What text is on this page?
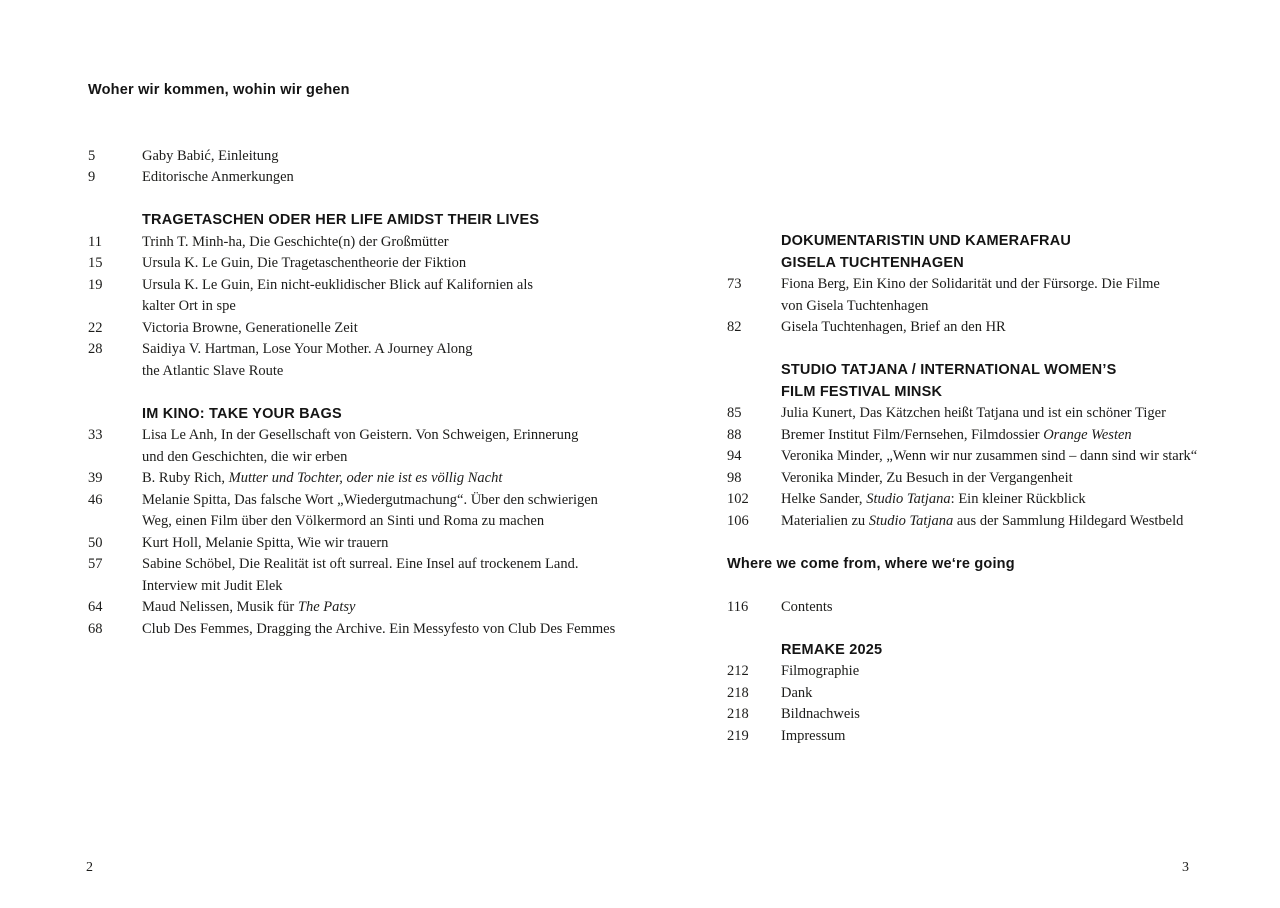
Woher wir kommen, wohin wir gehen
5	Gaby Babić, Einleitung
9	Editorische Anmerkungen
TRAGETASCHEN ODER HER LIFE AMIDST THEIR LIVES
11	Trinh T. Minh-ha, Die Geschichte(n) der Großmütter
15	Ursula K. Le Guin, Die Tragetaschentheorie der Fiktion
19	Ursula K. Le Guin, Ein nicht-euklidischer Blick auf Kalifornien als
kalter Ort in spe
22	Victoria Browne, Generationelle Zeit
28	Saidiya V. Hartman, Lose Your Mother. A Journey Along
the Atlantic Slave Route
IM KINO: TAKE YOUR BAGS
33	Lisa Le Anh, In der Gesellschaft von Geistern. Von Schweigen, Erinnerung
und den Geschichten, die wir erben
39	B. Ruby Rich, Mutter und Tochter, oder nie ist es völlig Nacht
46	Melanie Spitta, Das falsche Wort „Wiedergutmachung“. Über den schwierigen
Weg, einen Film über den Völkermord an Sinti und Roma zu machen
50	Kurt Holl, Melanie Spitta, Wie wir trauern
57	Sabine Schöbel, Die Realität ist oft surreal. Eine Insel auf trockenem Land.
Interview mit Judit Elek
64	Maud Nelissen, Musik für The Patsy
68	Club Des Femmes, Dragging the Archive. Ein Messyfesto von Club Des Femmes
DOKUMENTARISTIN UND KAMERAFRAU
GISELA TUCHTENHAGEN
73	Fiona Berg, Ein Kino der Solidarität und der Fürsorge. Die Filme
von Gisela Tuchtenhagen
82	Gisela Tuchtenhagen, Brief an den HR
STUDIO TATJANA / INTERNATIONAL WOMEN’S
FILM FESTIVAL MINSK
85	Julia Kunert, Das Kätzchen heißt Tatjana und ist ein schöner Tiger
88	Bremer Institut Film/Fernsehen, Filmdossier Orange Westen
94	Veronika Minder, „Wenn wir nur zusammen sind – dann sind wir stark“
98	Veronika Minder, Zu Besuch in der Vergangenheit
102	Helke Sander, Studio Tatjana: Ein kleiner Rückblick
106	Materialien zu Studio Tatjana aus der Sammlung Hildegard Westbeld
Where we come from, where we‘re going
116	Contents
REMAKE 2025
212	Filmographie
218	Dank
218	Bildnachweis
219	Impressum
2	3
